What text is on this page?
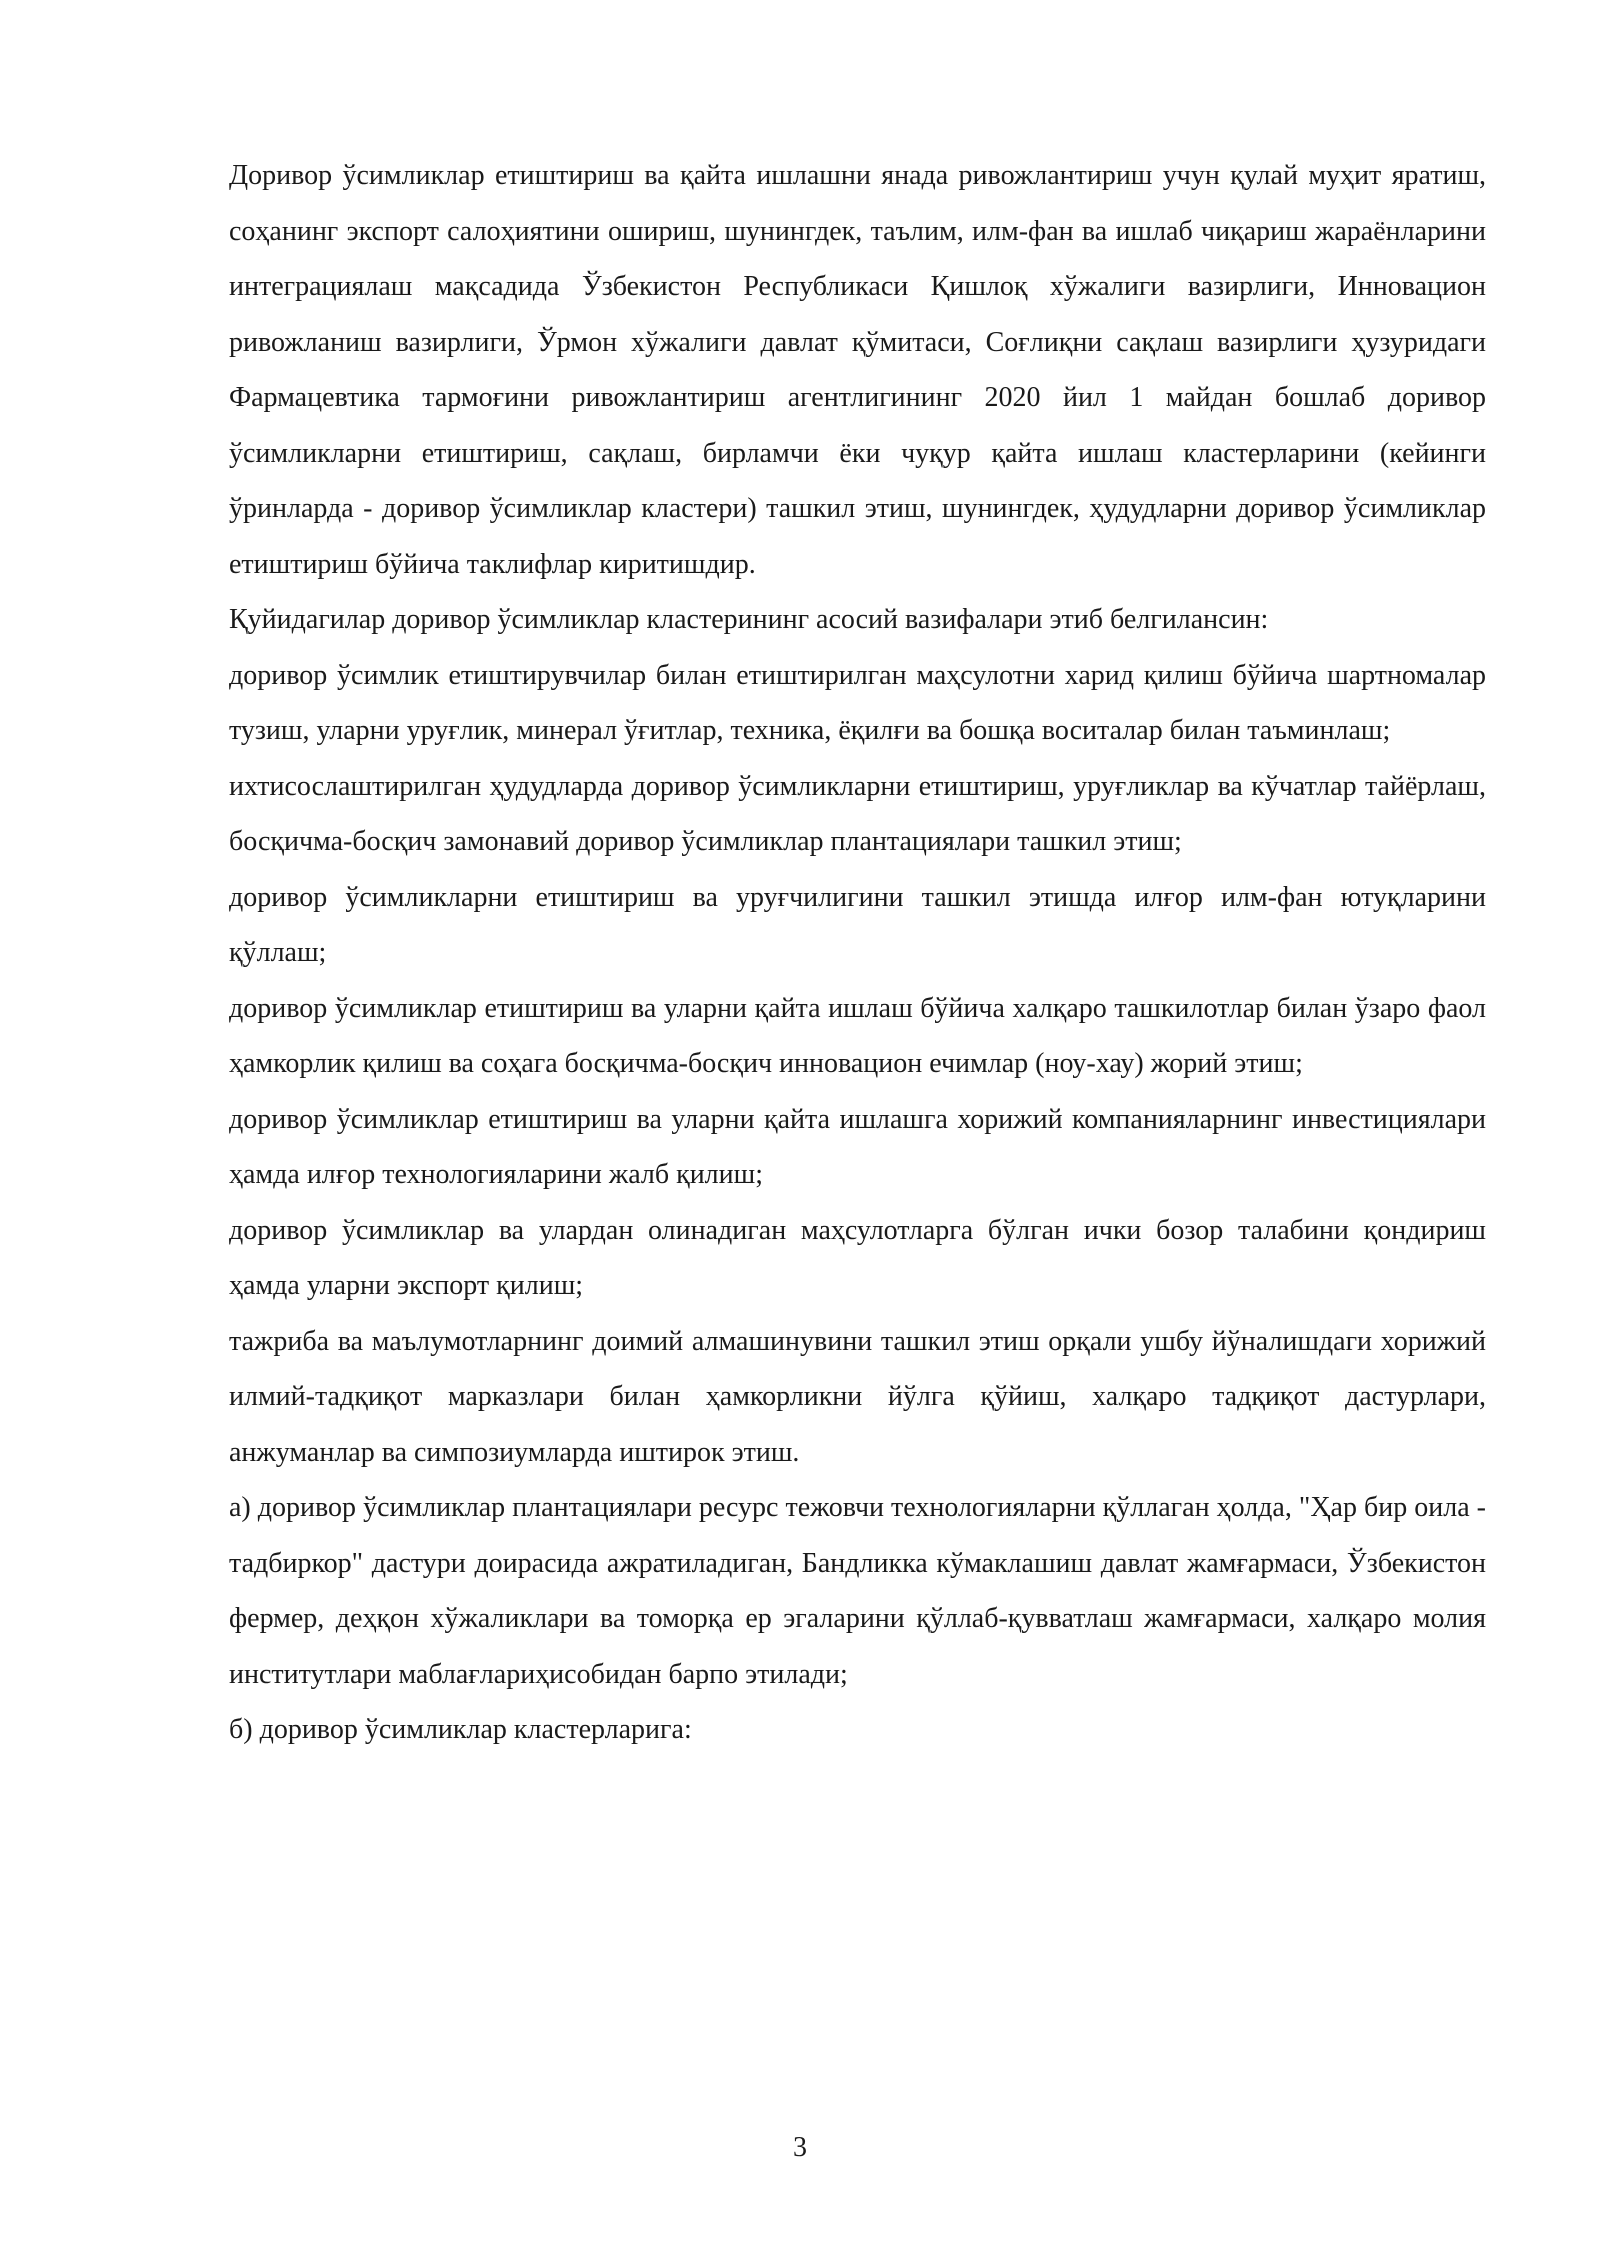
Доривор ўсимликлар етиштириш ва қайта ишлашни янада ривожлантириш учун қулай муҳит яратиш, соҳанинг экспорт салоҳиятини ошириш, шунингдек, таълим, илм-фан ва ишлаб чиқариш жараёнларини интеграциялаш мақсадида Ўзбекистон Республикаси Қишлоқ хўжалиги вазирлиги, Инновацион ривожланиш вазирлиги, Ўрмон хўжалиги давлат қўмитаси, Соғлиқни сақлаш вазирлиги ҳузуридаги Фармацевтика тармоғини ривожлантириш агентлигининг 2020 йил 1 майдан бошлаб доривор ўсимликларни етиштириш, сақлаш, бирламчи ёки чуқур қайта ишлаш кластерларини (кейинги ўринларда - доривор ўсимликлар кластери) ташкил этиш, шунингдек, ҳудудларни доривор ўсимликлар етиштириш бўйича таклифлар киритишдир.

Қуйидагилар доривор ўсимликлар кластерининг асосий вазифалари этиб белгилансин:

доривор ўсимлик етиштирувчилар билан етиштирилган маҳсулотни харид қилиш бўйича шартномалар тузиш, уларни уруғлик, минерал ўғитлар, техника, ёқилғи ва бошқа воситалар билан таъминлаш;

ихтисослаштирилган ҳудудларда доривор ўсимликларни етиштириш, уруғликлар ва кўчатлар тайёрлаш, босқичма-босқич замонавий доривор ўсимликлар плантациялари ташкил этиш;

доривор ўсимликларни етиштириш ва уруғчилигини ташкил этишда илғор илм-фан ютуқларини қўллаш;

доривор ўсимликлар етиштириш ва уларни қайта ишлаш бўйича халқаро ташкилотлар билан ўзаро фаол ҳамкорлик қилиш ва соҳага босқичма-босқич инновацион ечимлар (ноу-хау) жорий этиш;

доривор ўсимликлар етиштириш ва уларни қайта ишлашга хорижий компанияларнинг инвестициялари ҳамда илғор технологияларини жалб қилиш;

доривор ўсимликлар ва улардан олинадиган маҳсулотларга бўлган ички бозор талабини қондириш ҳамда уларни экспорт қилиш;

тажриба ва маълумотларнинг доимий алмашинувини ташкил этиш орқали ушбу йўналишдаги хорижий илмий-тадқиқот марказлари билан ҳамкорликни йўлга қўйиш, халқаро тадқиқот дастурлари, анжуманлар ва симпозиумларда иштирок этиш.

а) доривор ўсимликлар плантациялари ресурс тежовчи технологияларни қўллаган ҳолда, "Ҳар бир оила - тадбиркор" дастури доирасида ажратиладиган, Бандликка кўмаклашиш давлат жамғармаси, Ўзбекистон фермер, деҳқон хўжаликлари ва томорқа ер эгаларини қўллаб-қувватлаш жамғармаси, халқаро молия институтлари маблағлариҳисобидан барпо этилади;

б) доривор ўсимликлар кластерларига:

3
